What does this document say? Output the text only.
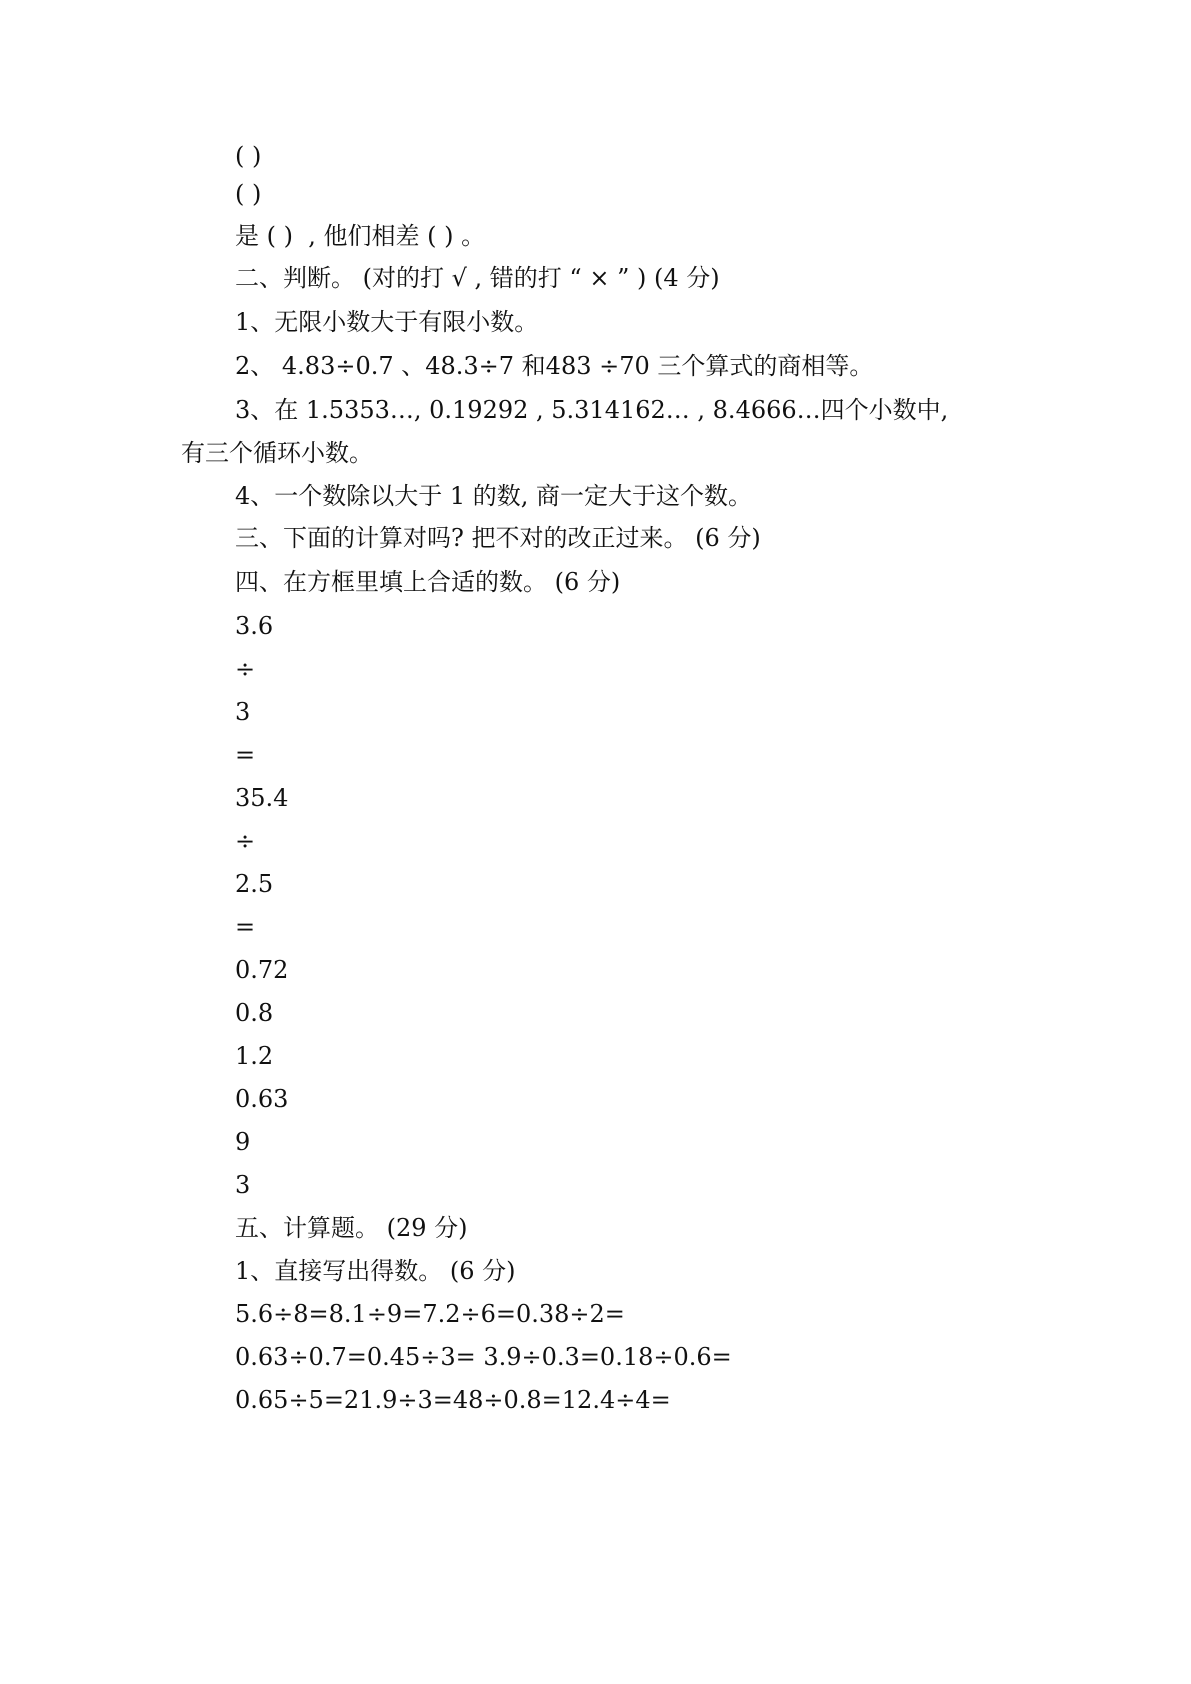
( )
( )
是 ( )  , 他们相差 ( ) 。
二、判断。 (对的打 √ , 错的打 “ × ” ) (4 分)
1、无限小数大于有限小数。
2、 4.83÷0.7 、48.3÷7 和483 ÷70 三个算式的商相等。
3、在 1.5353…, 0.19292 , 5.314162… , 8.4666…四个小数中,
有三个循环小数。
4、一个数除以大于 1 的数, 商一定大于这个数。
三、下面的计算对吗? 把不对的改正过来。 (6 分)
四、在方框里填上合适的数。 (6 分)
3.6
÷
3
=
35.4
÷
2.5
=
0.72
0.8
1.2
0.63
9
3
五、计算题。 (29 分)
1、直接写出得数。 (6 分)
5.6÷8=8.1÷9=7.2÷6=0.38÷2=
0.63÷0.7=0.45÷3= 3.9÷0.3=0.18÷0.6=
0.65÷5=21.9÷3=48÷0.8=12.4÷4=
